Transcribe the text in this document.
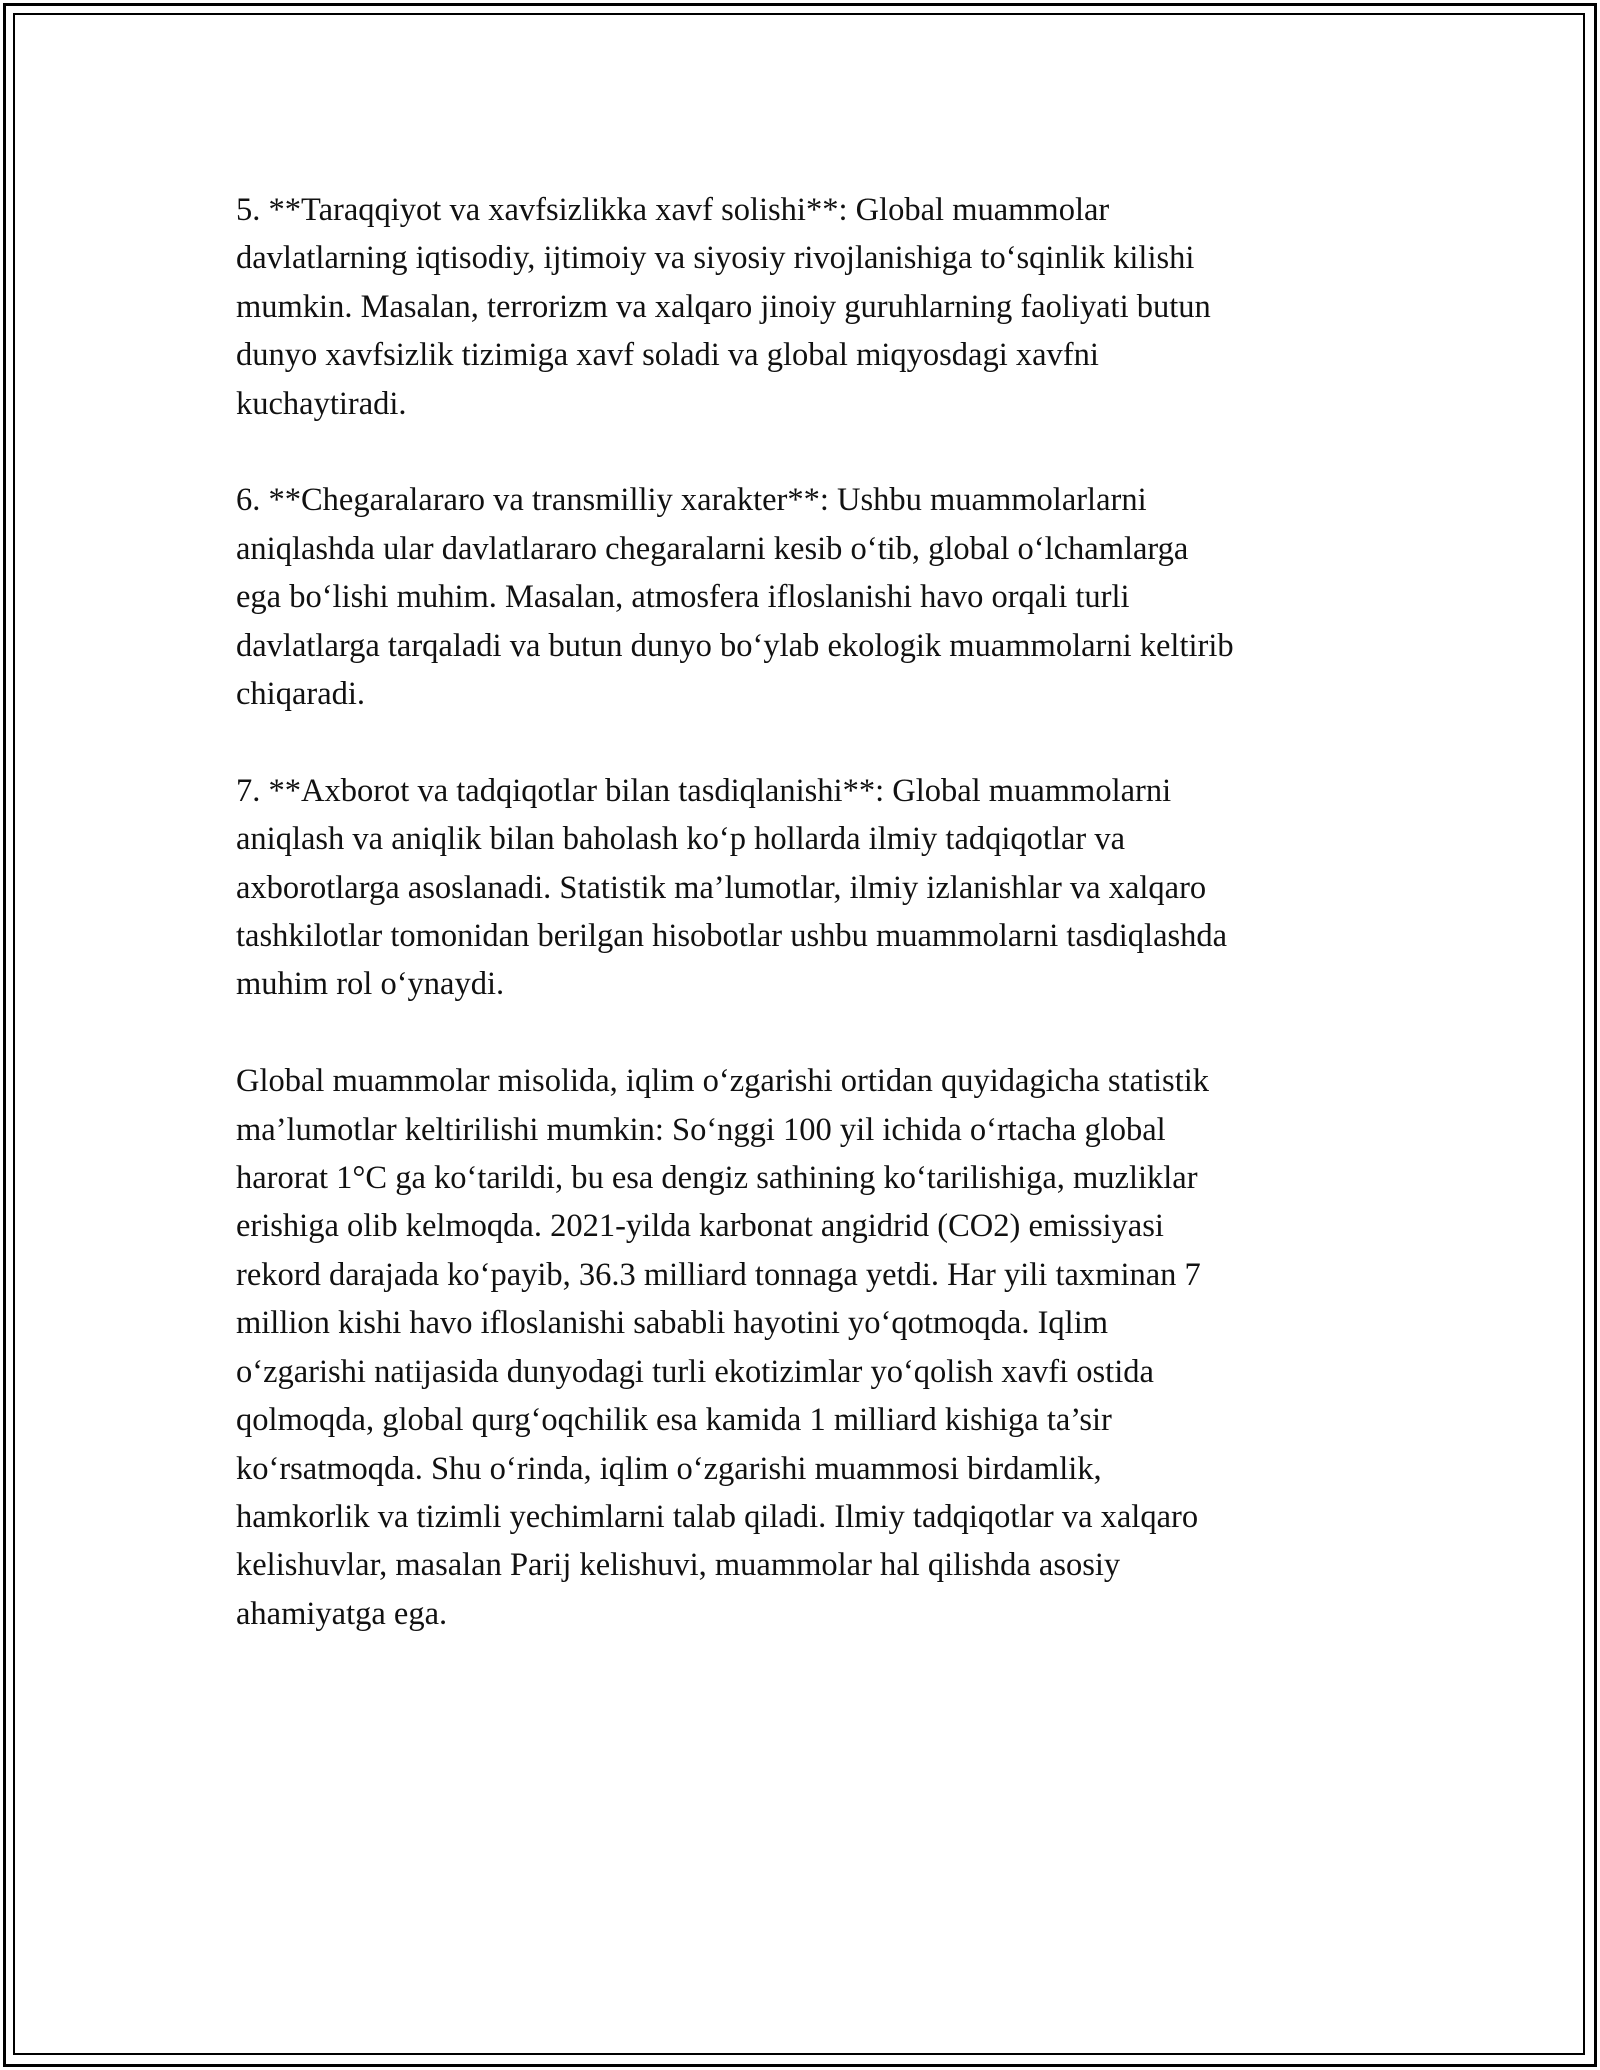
5. **Taraqqiyot va xavfsizlikka xavf solishi**: Global muammolar
davlatlarning iqtisodiy, ijtimoiy va siyosiy rivojlanishiga to‘sqinlik kilishi
mumkin. Masalan, terrorizm va xalqaro jinoiy guruhlarning faoliyati butun
dunyo xavfsizlik tizimiga xavf soladi va global miqyosdagi xavfni
kuchaytiradi.

6. **Chegaralararo va transmilliy xarakter**: Ushbu muammolarlarni
aniqlashda ular davlatlararo chegaralarni kesib o‘tib, global o‘lchamlarga
ega bo‘lishi muhim. Masalan, atmosfera ifloslanishi havo orqali turli
davlatlarga tarqaladi va butun dunyo bo‘ylab ekologik muammolarni keltirib
chiqaradi.

7. **Axborot va tadqiqotlar bilan tasdiqlanishi**: Global muammolarni
aniqlash va aniqlik bilan baholash ko‘p hollarda ilmiy tadqiqotlar va
axborotlarga asoslanadi. Statistik ma’lumotlar, ilmiy izlanishlar va xalqaro
tashkilotlar tomonidan berilgan hisobotlar ushbu muammolarni tasdiqlashda
muhim rol o‘ynaydi.

Global muammolar misolida, iqlim o‘zgarishi ortidan quyidagicha statistik
ma’lumotlar keltirilishi mumkin: So‘nggi 100 yil ichida o‘rtacha global
harorat 1°C ga ko‘tarildi, bu esa dengiz sathining ko‘tarilishiga, muzliklar
erishiga olib kelmoqda. 2021-yilda karbonat angidrid (CO2) emissiyasi
rekord darajada ko‘payib, 36.3 milliard tonnaga yetdi. Har yili taxminan 7
million kishi havo ifloslanishi sababli hayotini yo‘qotmoqda. Iqlim
o‘zgarishi natijasida dunyodagi turli ekotizimlar yo‘qolish xavfi ostida
qolmoqda, global qurg‘oqchilik esa kamida 1 milliard kishiga ta’sir
ko‘rsatmoqda. Shu o‘rinda, iqlim o‘zgarishi muammosi birdamlik,
hamkorlik va tizimli yechimlarni talab qiladi. Ilmiy tadqiqotlar va xalqaro
kelishuvlar, masalan Parij kelishuvi, muammolar hal qilishda asosiy
ahamiyatga ega.
